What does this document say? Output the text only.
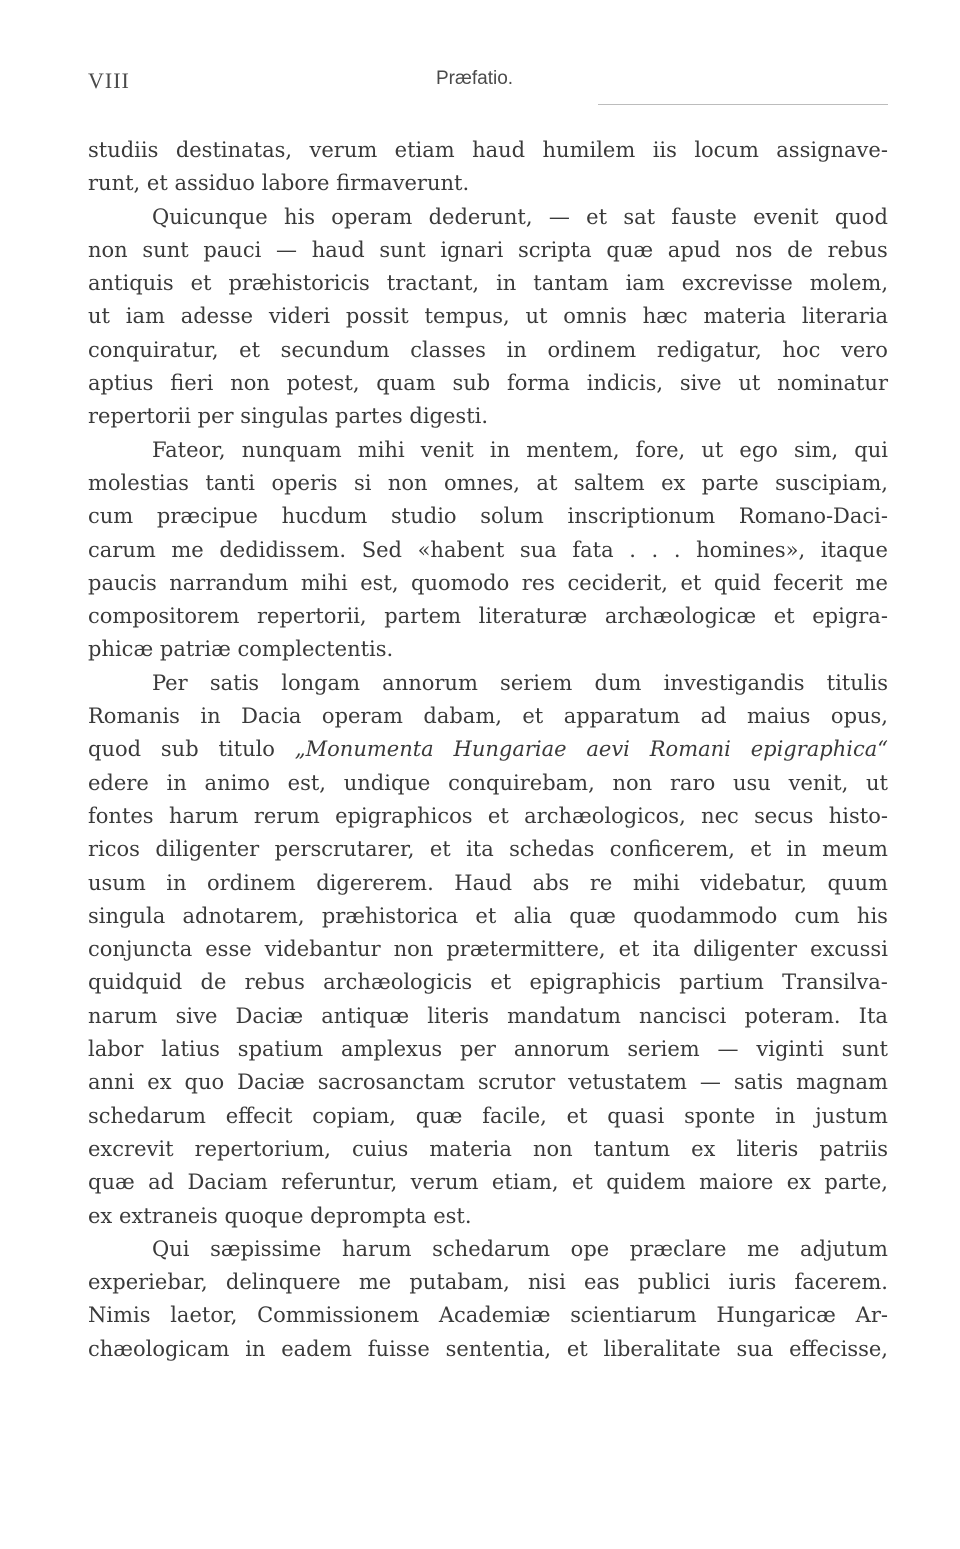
VIII	Præfatio.
studiis destinatas, verum etiam haud humilem iis locum assignave-
runt, et assiduo labore firmaverunt.
Quicunque his operam dederunt, — et sat fauste evenit quod
non sunt pauci — haud sunt ignari scripta quæ apud nos de rebus
antiquis et præhistoricis tractant, in tantam iam excrevisse molem,
ut iam adesse videri possit tempus, ut omnis hæc materia literaria
conquiratur, et secundum classes in ordinem redigatur, hoc vero
aptius fieri non potest, quam sub forma indicis, sive ut nominatur
repertorii per singulas partes digesti.
Fateor, nunquam mihi venit in mentem, fore, ut ego sim, qui
molestias tanti operis si non omnes, at saltem ex parte suscipiam,
cum præcipue hucdum studio solum inscriptionum Romano-Daci-
carum me dedidissem. Sed «habent sua fata . . . homines», itaque
paucis narrandum mihi est, quomodo res ceciderit, et quid fecerit me
compositorem repertorii, partem literaturæ archæologicæ et epigra-
phicæ patriæ complectentis.
Per satis longam annorum seriem dum investigandis titulis
Romanis in Dacia operam dabam, et apparatum ad maius opus,
quod sub titulo „Monumenta Hungariae aevi Romani epigraphica“
edere in animo est, undique conquirebam, non raro usu venit, ut
fontes harum rerum epigraphicos et archæologicos, nec secus histo-
ricos diligenter perscrutarer, et ita schedas conficerem, et in meum
usum in ordinem digererem. Haud abs re mihi videbatur, quum
singula adnotarem, præhistorica et alia quæ quodammodo cum his
conjuncta esse videbantur non prætermittere, et ita diligenter excussi
quidquid de rebus archæologicis et epigraphicis partium Transilva-
narum sive Daciæ antiquæ literis mandatum nancisci poteram. Ita
labor latius spatium amplexus per annorum seriem — viginti sunt
anni ex quo Daciæ sacrosanctam scrutor vetustatem — satis magnam
schedarum effecit copiam, quæ facile, et quasi sponte in justum
excrevit repertorium, cuius materia non tantum ex literis patriis
quæ ad Daciam referuntur, verum etiam, et quidem maiore ex parte,
ex extraneis quoque deprompta est.
Qui sæpissime harum schedarum ope præclare me adjutum
experiebar, delinquere me putabam, nisi eas publici iuris facerem.
Nimis laetor, Commissionem Academiæ scientiarum Hungaricæ Ar-
chæologicam in eadem fuisse sententia, et liberalitate sua effecisse,
